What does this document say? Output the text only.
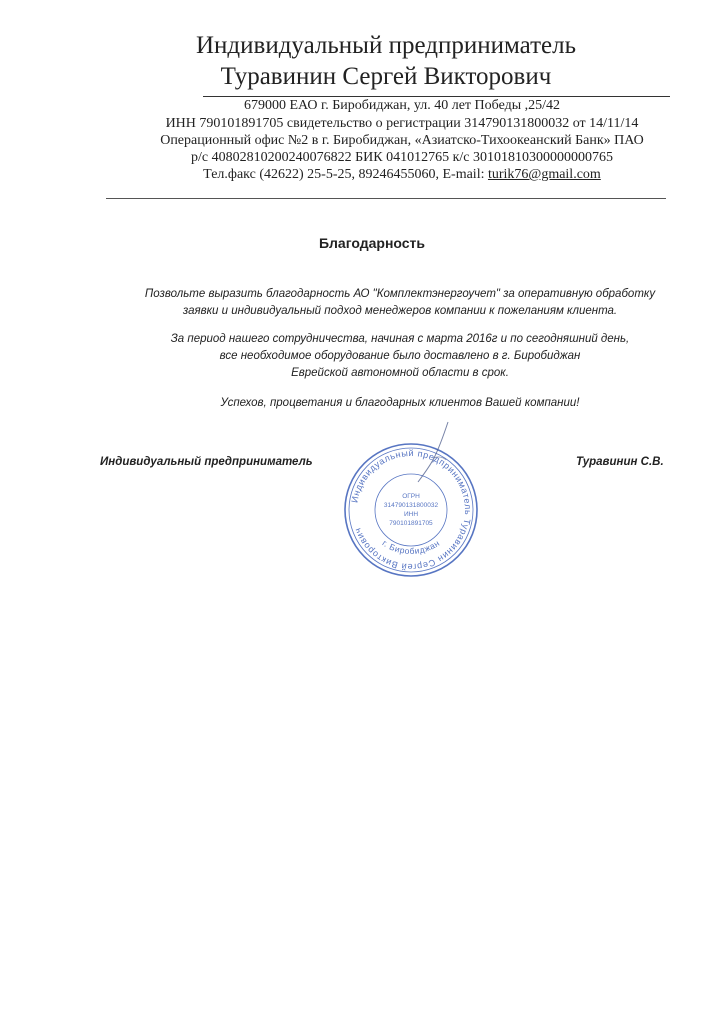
Индивидуальный предприниматель
Туравинин Сергей Викторович
679000 ЕАО г. Биробиджан, ул. 40 лет Победы ,25/42
ИНН 790101891705 свидетельство о регистрации 314790131800032 от 14/11/14
Операционный офис №2 в г. Биробиджан, «Азиатско-Тихоокеанский Банк» ПАО
р/с 40802810200240076822 БИК 041012765 к/с 30101810300000000765
Тел.факс (42622) 25-5-25, 89246455060, E-mail: turik76@gmail.com
Благодарность
Позвольте выразить благодарность АО "Комплектэнергоучет" за оперативную обработку
заявки и индивидуальный подход менеджеров компании к пожеланиям клиента.
За период нашего сотрудничества, начиная с марта 2016г и по сегодняшний день,
все необходимое оборудование было доставлено в г. Биробиджан
Еврейской автономной области в срок.
Успехов, процветания и благодарных клиентов Вашей компании!
Индивидуальный предприниматель	Туравинин С.В.
Индивидуальный предприниматель Туравинин Сергей Викторович
г. Биробиджан
ОГРН
314790131800032
ИНН
790101891705
